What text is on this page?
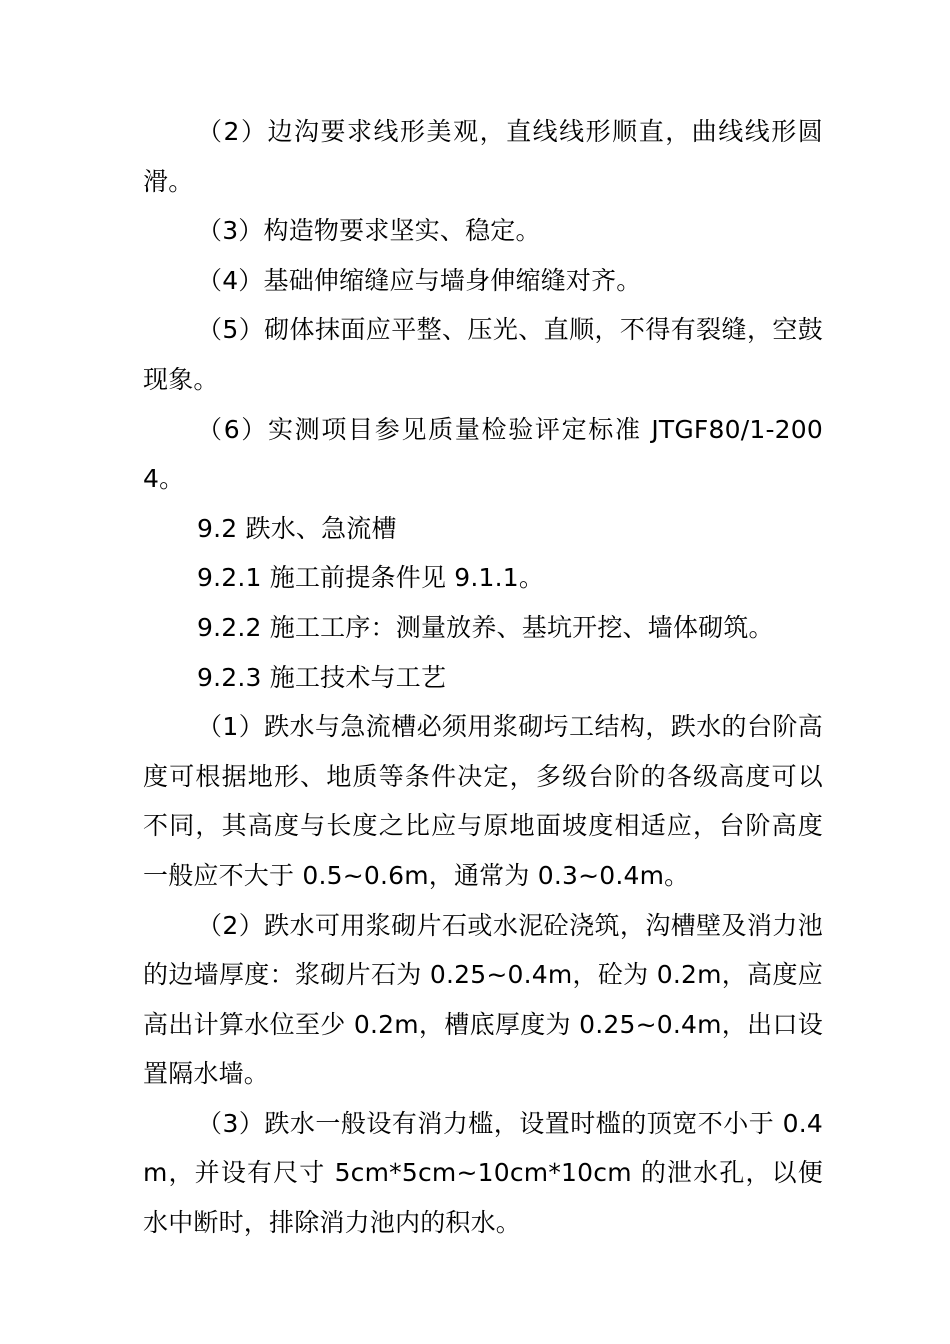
（2）边沟要求线形美观，直线线形顺直，曲线线形圆滑。

（3）构造物要求坚实、稳定。

（4）基础伸缩缝应与墙身伸缩缝对齐。

（5）砌体抹面应平整、压光、直顺，不得有裂缝，空鼓现象。

（6）实测项目参见质量检验评定标准 JTGF80/1-2004。

9.2 跌水、急流槽

9.2.1 施工前提条件见 9.1.1。

9.2.2 施工工序：测量放养、基坑开挖、墙体砌筑。

9.2.3 施工技术与工艺

（1）跌水与急流槽必须用浆砌圬工结构，跌水的台阶高度可根据地形、地质等条件决定，多级台阶的各级高度可以不同，其高度与长度之比应与原地面坡度相适应，台阶高度一般应不大于 0.5~0.6m，通常为 0.3~0.4m。

（2）跌水可用浆砌片石或水泥砼浇筑，沟槽壁及消力池的边墙厚度：浆砌片石为 0.25~0.4m，砼为 0.2m，高度应高出计算水位至少 0.2m，槽底厚度为 0.25~0.4m，出口设置隔水墙。

（3）跌水一般设有消力槛，设置时槛的顶宽不小于 0.4m，并设有尺寸 5cm*5cm~10cm*10cm 的泄水孔，以便水中断时，排除消力池内的积水。
